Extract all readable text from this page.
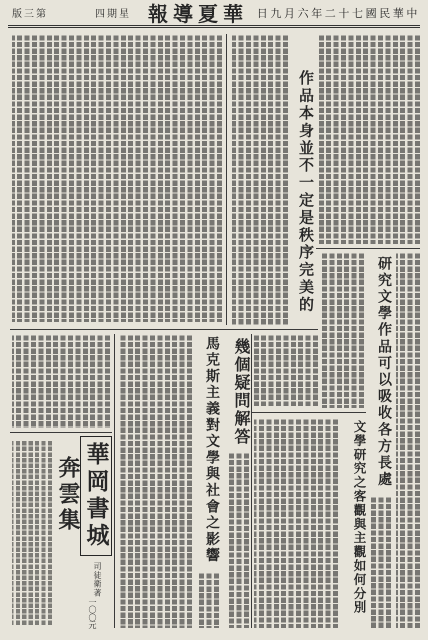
中華民國七十二年六月九日
華夏導報
星期四
第三版
作品本身並不一定是秩序完美的
研究文學作品可以吸收各方長處
文學研究之客觀與主觀如何分別
幾個疑問解答
馬克斯主義對文學與社會之影響
華岡書城
奔雲集
司徒衛著
一〇〇元
